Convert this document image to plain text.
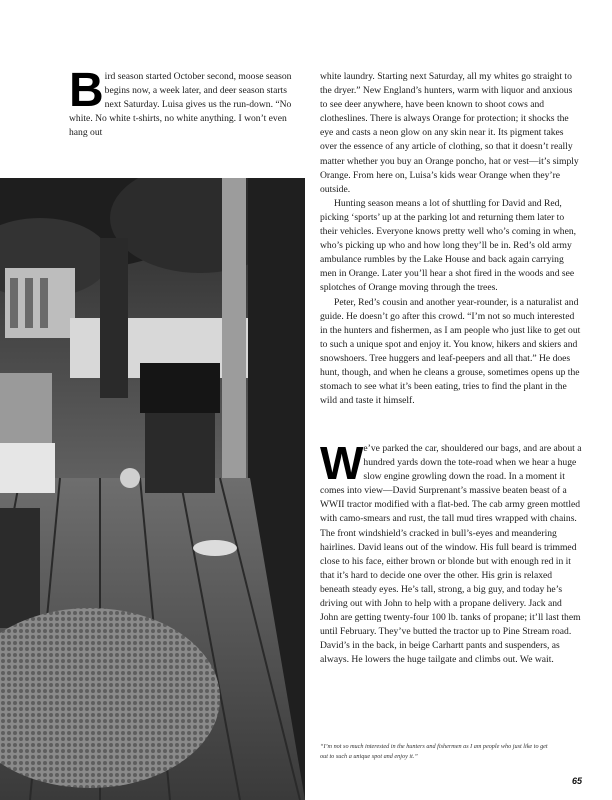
Bird season started October second, moose season begins now, a week later, and deer season starts next Saturday. Luisa gives us the run-down. “No white. No white t-shirts, no white anything. I won’t even hang out

white laundry. Starting next Saturday, all my whites go straight to the dryer.” New England’s hunters, warm with liquor and anxious to see deer anywhere, have been known to shoot cows and clotheslines. There is always Orange for protection; it shocks the eye and casts a neon glow on any skin near it. Its pigment takes over the essence of any article of clothing, so that it doesn’t really matter whether you buy an Orange poncho, hat or vest—it’s simply Orange. From here on, Luisa’s kids wear Orange when they’re outside.

Hunting season means a lot of shuttling for David and Red, picking ‘sports’ up at the parking lot and returning them later to their vehicles. Everyone knows pretty well who’s coming in when, who’s picking up who and how long they’ll be in. Red’s old army ambulance rumbles by the Lake House and back again carrying men in Orange. Later you’ll hear a shot fired in the woods and see splotches of Orange moving through the trees.

Peter, Red’s cousin and another year-rounder, is a naturalist and guide. He doesn’t go after this crowd. “I’m not so much interested in the hunters and fishermen, as I am people who just like to get out to such a unique spot and enjoy it. You know, hikers and skiers and snowshoers. Tree huggers and leaf-peepers and all that.” He does hunt, though, and when he cleans a grouse, sometimes opens up the stomach to see what it’s been eating, tries to find the plant in the wild and taste it himself.

We’ve parked the car, shouldered our bags, and are about a hundred yards down the tote-road when we hear a huge slow engine growling down the road. In a moment it comes into view—David Surprenant’s massive beaten beast of a WWII tractor modified with a flat-bed. The cab army green mottled with camo-smears and rust, the tall mud tires wrapped with chains. The front windshield’s cracked in bull’s-eyes and meandering hairlines. David leans out of the window. His full beard is trimmed close to his face, either brown or blonde but with enough red in it that it’s hard to decide one over the other. His grin is relaxed beneath steady eyes. He’s tall, strong, a big guy, and today he’s driving out with John to help with a propane delivery. Jack and John are getting twenty-four 100 lb. tanks of propane; it’ll last them until February. They’ve butted the tractor up to Pine Stream road. David’s in the back, in beige Carhartt pants and suspenders, as always. He lowers the huge tailgate and climbs out. We wait.

“I’m not so much interested in the hunters and fishermen as I am people who just like to get out to such a unique spot and enjoy it.”
65
